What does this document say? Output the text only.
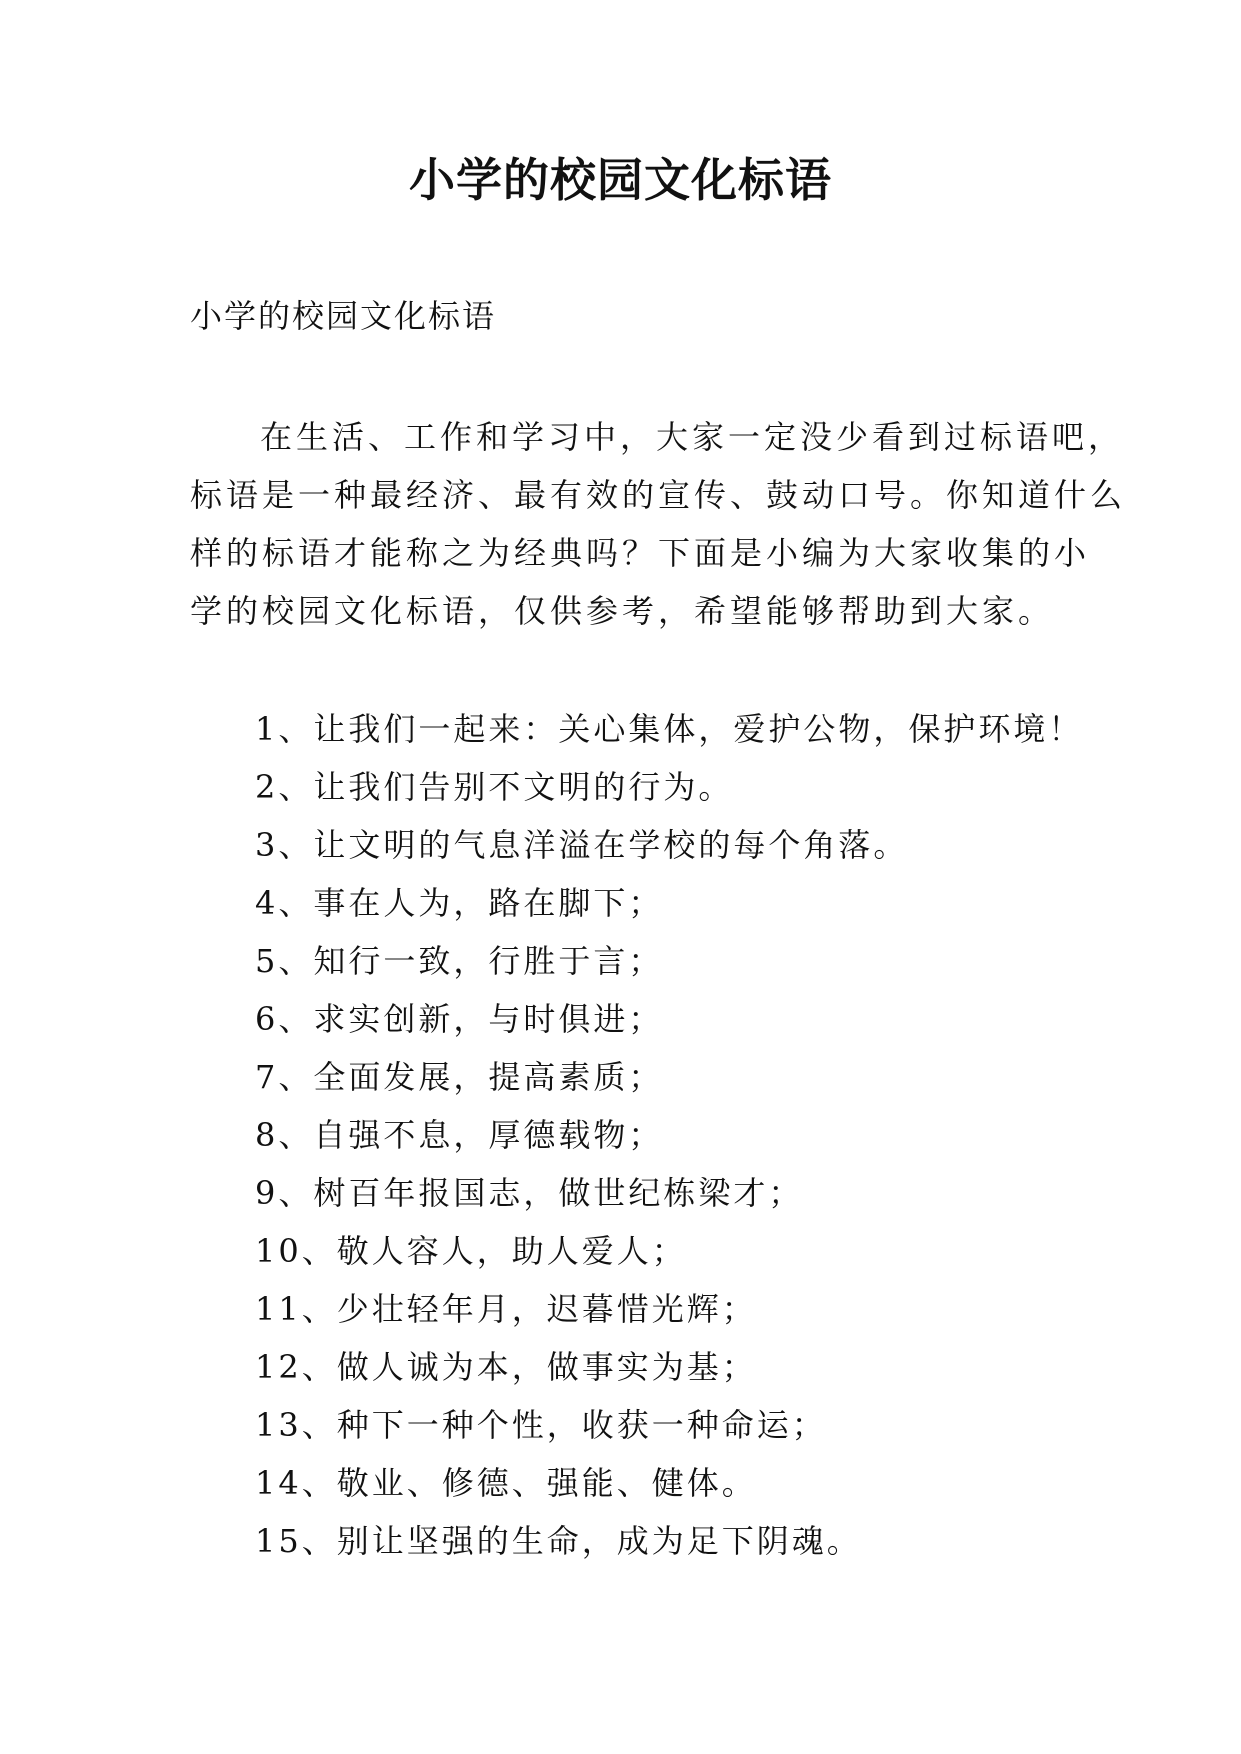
小学的校园文化标语
小学的校园文化标语
在生活、工作和学习中，大家一定没少看到过标语吧，
标语是一种最经济、最有效的宣传、鼓动口号。你知道什么
样的标语才能称之为经典吗？下面是小编为大家收集的小
学的校园文化标语，仅供参考，希望能够帮助到大家。
1、让我们一起来：关心集体，爱护公物，保护环境！
2、让我们告别不文明的行为。
3、让文明的气息洋溢在学校的每个角落。
4、事在人为，路在脚下；
5、知行一致，行胜于言；
6、求实创新，与时俱进；
7、全面发展，提高素质；
8、自强不息，厚德载物；
9、树百年报国志，做世纪栋梁才；
10、敬人容人，助人爱人；
11、少壮轻年月，迟暮惜光辉；
12、做人诚为本，做事实为基；
13、种下一种个性，收获一种命运；
14、敬业、修德、强能、健体。
15、别让坚强的生命，成为足下阴魂。
